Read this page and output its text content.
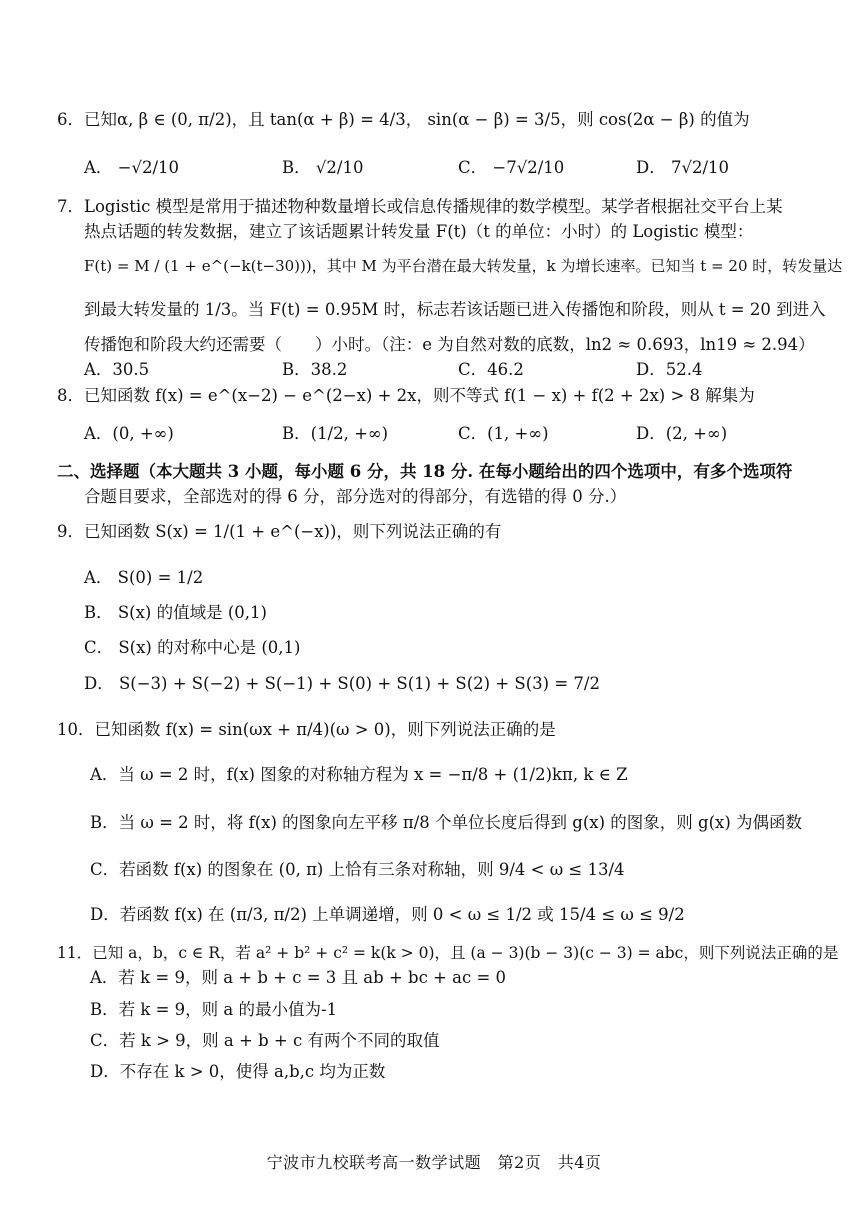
6．已知α, β ∈ (0, π/2)，且 tan(α + β) = 4/3， sin(α − β) = 3/5，则 cos(2α − β) 的值为
A． −√2/10	B． √2/10	C． −7√2/10	D． 7√2/10
7．Logistic 模型是常用于描述物种数量增长或信息传播规律的数学模型。某学者根据社交平台上某
热点话题的转发数据，建立了该话题累计转发量 F(t)（t 的单位：小时）的 Logistic 模型：
F(t) = M / (1 + e^(−k(t−30)))，其中 M 为平台潜在最大转发量，k 为增长速率。已知当 t = 20 时，转发量达
到最大转发量的 1/3。当 F(t) = 0.95M 时，标志若该话题已进入传播饱和阶段，则从 t = 20 到进入
传播饱和阶段大约还需要（　　）小时。（注：e 为自然对数的底数，ln2 ≈ 0.693，ln19 ≈ 2.94）
A．30.5	B．38.2	C．46.2	D．52.4
8．已知函数 f(x) = e^(x−2) − e^(2−x) + 2x，则不等式 f(1 − x) + f(2 + 2x) > 8 解集为
A．(0, +∞)	B．(1/2, +∞)	C．(1, +∞)	D．(2, +∞)
二、选择题（本大题共 3 小题，每小题 6 分，共 18 分. 在每小题给出的四个选项中，有多个选项符
合题目要求，全部选对的得 6 分，部分选对的得部分，有选错的得 0 分.）
9．已知函数 S(x) = 1/(1 + e^(−x))，则下列说法正确的有
A． S(0) = 1/2
B． S(x) 的值域是 (0,1)
C． S(x) 的对称中心是 (0,1)
D． S(−3) + S(−2) + S(−1) + S(0) + S(1) + S(2) + S(3) = 7/2
10．已知函数 f(x) = sin(ωx + π/4)(ω > 0)，则下列说法正确的是
A．当 ω = 2 时，f(x) 图象的对称轴方程为 x = −π/8 + (1/2)kπ, k ∈ Z
B．当 ω = 2 时，将 f(x) 的图象向左平移 π/8 个单位长度后得到 g(x) 的图象，则 g(x) 为偶函数
C．若函数 f(x) 的图象在 (0, π) 上恰有三条对称轴，则 9/4 < ω ≤ 13/4
D．若函数 f(x) 在 (π/3, π/2) 上单调递增，则 0 < ω ≤ 1/2 或 15/4 ≤ ω ≤ 9/2
11．已知 a，b，c ∈ R，若 a² + b² + c² = k(k > 0)，且 (a − 3)(b − 3)(c − 3) = abc，则下列说法正确的是
A．若 k = 9，则 a + b + c = 3 且 ab + bc + ac = 0
B．若 k = 9，则 a 的最小值为-1
C．若 k > 9，则 a + b + c 有两个不同的取值
D．不存在 k > 0，使得 a,b,c 均为正数
宁波市九校联考高一数学试题　第2页　共4页
